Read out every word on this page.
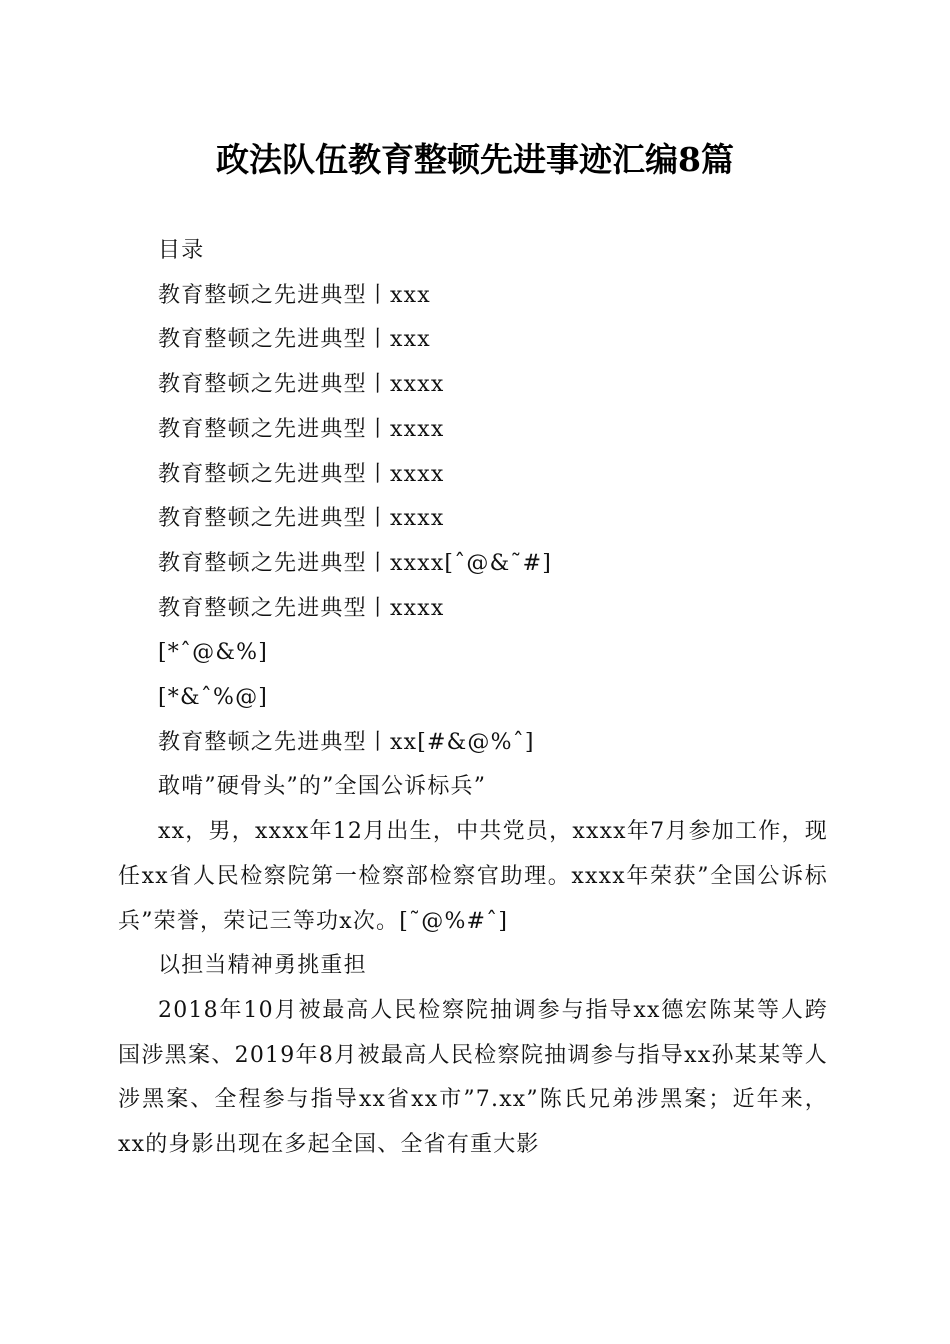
政法队伍教育整顿先进事迹汇编8篇

目录

教育整顿之先进典型丨xxx

教育整顿之先进典型丨xxx

教育整顿之先进典型丨xxxx

教育整顿之先进典型丨xxxx

教育整顿之先进典型丨xxxx

教育整顿之先进典型丨xxxx

教育整顿之先进典型丨xxxx[ˆ@&˜#]

教育整顿之先进典型丨xxxx

[*ˆ@&%]

[*&ˆ%@]

教育整顿之先进典型丨xx[#&@%ˆ]

敢啃”硬骨头”的”全国公诉标兵”

xx，男，xxxx年12月出生，中共党员，xxxx年7月参加工作，现任xx省人民检察院第一检察部检察官助理。xxxx年荣获”全国公诉标兵”荣誉，荣记三等功x次。[˜@%#ˆ]

以担当精神勇挑重担

2018年10月被最高人民检察院抽调参与指导xx德宏陈某等人跨国涉黑案、2019年8月被最高人民检察院抽调参与指导xx孙某某等人涉黑案、全程参与指导xx省xx市”7.xx”陈氏兄弟涉黑案；近年来，xx的身影出现在多起全国、全省有重大影
